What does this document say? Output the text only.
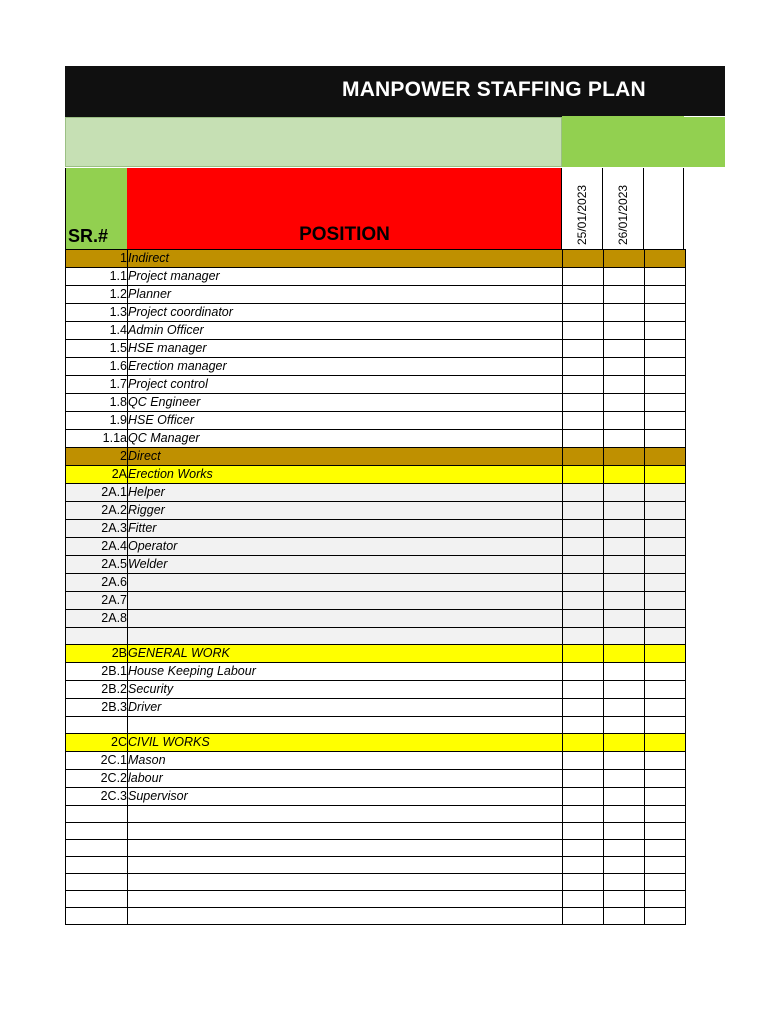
MANPOWER STAFFING PLAN
SR.#	POSITION	25/01/2023 26/01/2023
1	Indirect			
1.1	Project manager			
1.2	Planner			
1.3	Project coordinator			
1.4	Admin Officer			
1.5	HSE manager			
1.6	Erection manager			
1.7	Project control			
1.8	QC Engineer			
1.9	HSE Officer			
1.1a	QC Manager			
2	Direct			
2A	Erection Works			
2A.1	Helper			
2A.2	Rigger			
2A.3	Fitter			
2A.4	Operator			
2A.5	Welder			
2A.6				
2A.7				
2A.8				

2B	GENERAL WORK			
2B.1	House Keeping Labour			
2B.2	Security			
2B.3	Driver			

2C	CIVIL WORKS			
2C.1	Mason			
2C.2	labour			
2C.3	Supervisor			
